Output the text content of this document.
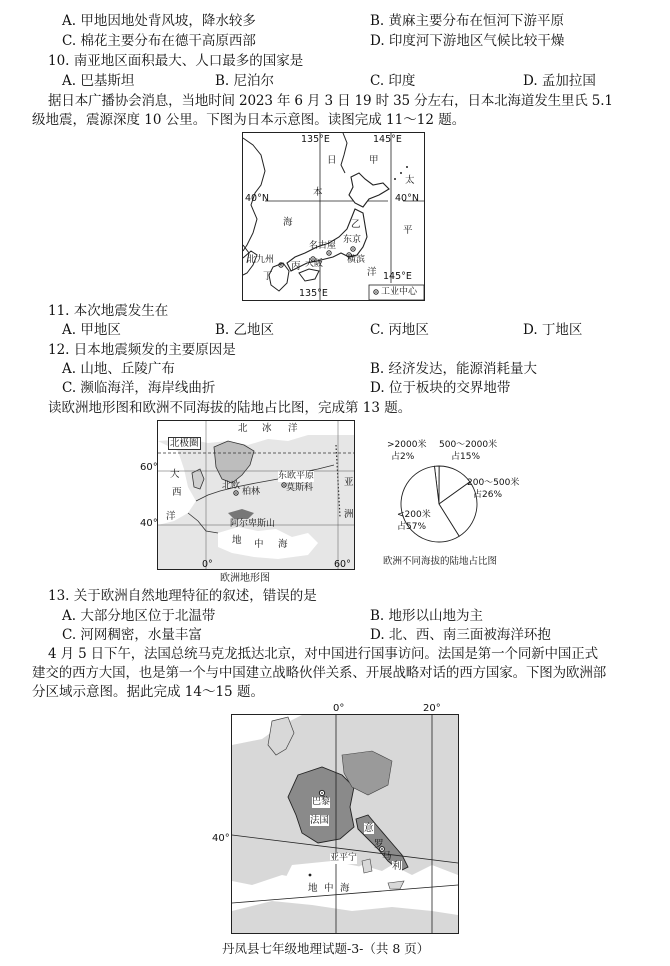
A. 甲地因地处背风坡，降水较多	B. 黄麻主要分布在恒河下游平原
C. 棉花主要分布在德干高原西部	D. 印度河下游地区气候比较干燥
10. 南亚地区面积最大、人口最多的国家是
A. 巴基斯坦	B. 尼泊尔	C. 印度	D. 孟加拉国
据日本广播协会消息，当地时间 2023 年 6 月 3 日 19 时 35 分左右，日本北海道发生里氏 5.1
级地震，震源深度 10 公里。下图为日本示意图。读图完成 11～12 题。
135°E	145°E
40°N	40°N
日	甲
本
海	乙
太
平
洋
东京
名古屋
横滨
大阪
北九州
丙
丁	145°E
135°E	工业中心
11. 本次地震发生在
A. 甲地区	B. 乙地区	C. 丙地区	D. 丁地区
12. 日本地震频发的主要原因是
A. 山地、丘陵广布	B. 经济发达，能源消耗量大
C. 濒临海洋，海岸线曲折	D. 位于板块的交界地带
读欧洲地形图和欧洲不同海拔的陆地占比图，完成第 13 题。
北极圈
北 冰 洋
大
西
洋
北欧
柏林
东欧平原
莫斯科	亚
洲
阿尔卑斯山
地 中 海
0°	60°
60°
40°
欧洲地形图
>2000米
占2%
500～2000米
占15%
200～500米
占26%
<200米
占57%
欧洲不同海拔的陆地占比图
13. 关于欧洲自然地理特征的叙述，错误的是
A. 大部分地区位于北温带	B. 地形以山地为主
C. 河网稠密，水量丰富	D. 北、西、南三面被海洋环抱
4 月 5 日下午，法国总统马克龙抵达北京，对中国进行国事访问。法国是第一个同新中国正式
建交的西方大国，也是第一个与中国建立战略伙伴关系、开展战略对话的西方国家。下图为欧洲部
分区域示意图。据此完成 14～15 题。
0°	20°
40°
巴黎
法国
意
亚平宁
罗
马
利
地 中 海
丹凤县七年级地理试题-3-（共 8 页）
